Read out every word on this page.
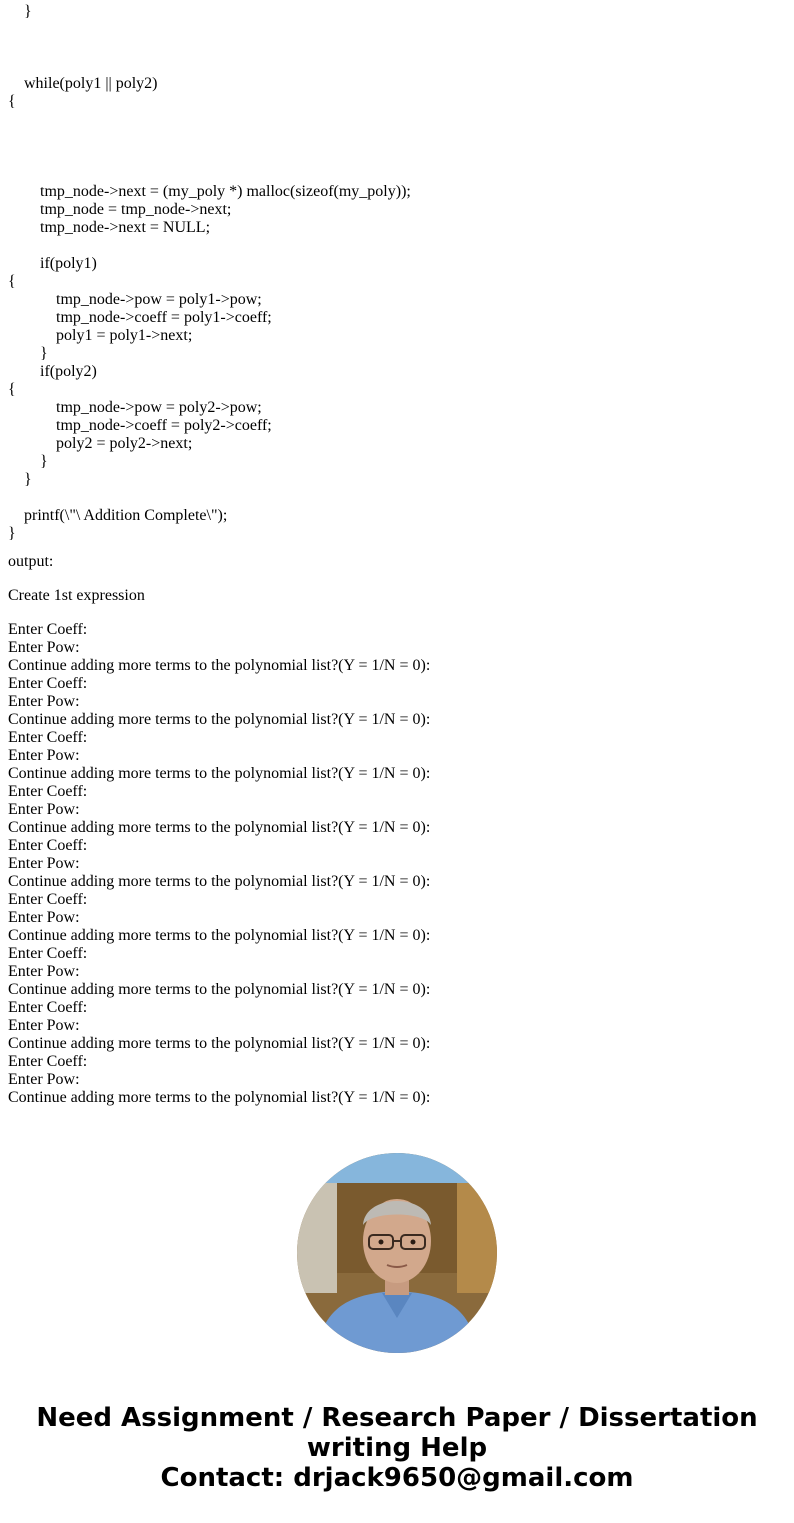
}
while(poly1 || poly2)
{
tmp_node->next = (my_poly *) malloc(sizeof(my_poly));
tmp_node = tmp_node->next;
tmp_node->next = NULL;
if(poly1)
{
tmp_node->pow = poly1->pow;
tmp_node->coeff = poly1->coeff;
poly1 = poly1->next;
}
if(poly2)
{
tmp_node->pow = poly2->pow;
tmp_node->coeff = poly2->coeff;
poly2 = poly2->next;
}
}
printf(\"\ Addition Complete\");
}
output:
Create 1st expression
Enter Coeff:
Enter Pow:
Continue adding more terms to the polynomial list?(Y = 1/N = 0):
Enter Coeff:
Enter Pow:
Continue adding more terms to the polynomial list?(Y = 1/N = 0):
Enter Coeff:
Enter Pow:
Continue adding more terms to the polynomial list?(Y = 1/N = 0):
Enter Coeff:
Enter Pow:
Continue adding more terms to the polynomial list?(Y = 1/N = 0):
Enter Coeff:
Enter Pow:
Continue adding more terms to the polynomial list?(Y = 1/N = 0):
Enter Coeff:
Enter Pow:
Continue adding more terms to the polynomial list?(Y = 1/N = 0):
Enter Coeff:
Enter Pow:
Continue adding more terms to the polynomial list?(Y = 1/N = 0):
Enter Coeff:
Enter Pow:
Continue adding more terms to the polynomial list?(Y = 1/N = 0):
Enter Coeff:
Enter Pow:
Continue adding more terms to the polynomial list?(Y = 1/N = 0):
Need Assignment / Research Paper / Dissertation
writing Help
Contact: drjack9650@gmail.com
